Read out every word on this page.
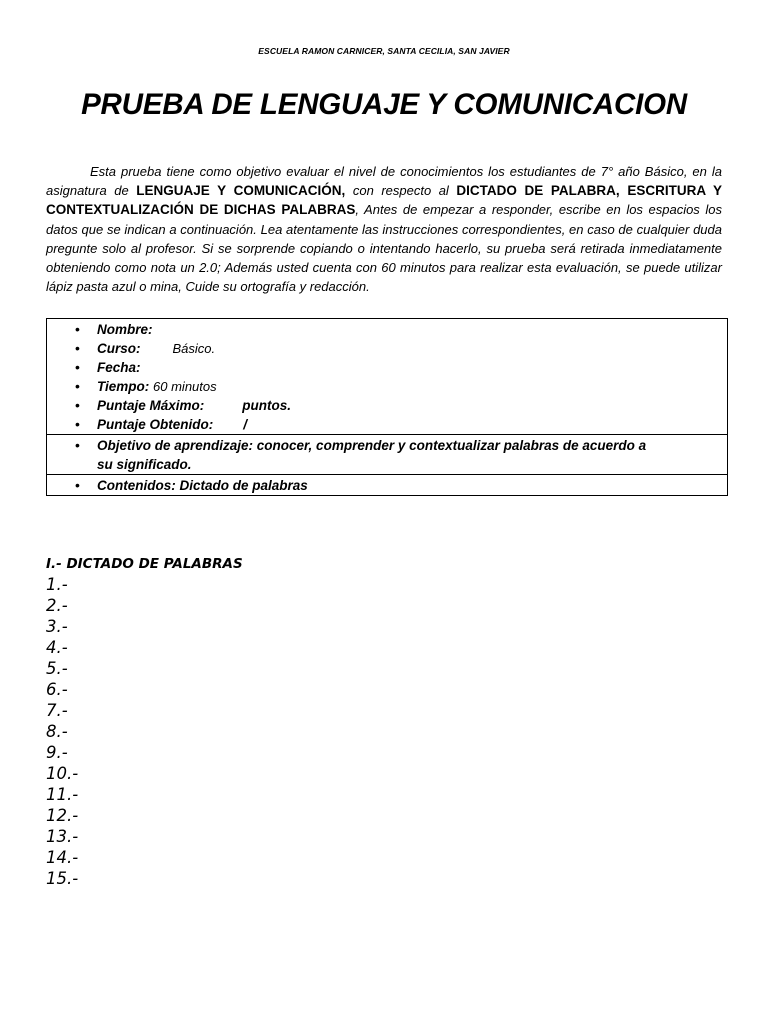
ESCUELA RAMON CARNICER, SANTA CECILIA, SAN JAVIER
PRUEBA DE LENGUAJE Y COMUNICACION

Esta prueba tiene como objetivo evaluar el nivel de conocimientos los estudiantes de 7° año Básico, en la asignatura de LENGUAJE Y COMUNICACIÓN, con respecto al DICTADO DE PALABRA, ESCRITURA Y CONTEXTUALIZACIÓN DE DICHAS PALABRAS, Antes de empezar a responder, escribe en los espacios los datos que se indican a continuación. Lea atentamente las instrucciones correspondientes, en caso de cualquier duda pregunte solo al profesor. Si se sorprende copiando o intentando hacerlo, su prueba será retirada inmediatamente obteniendo como nota un 2.0; Además usted cuenta con 60 minutos para realizar esta evaluación, se puede utilizar lápiz pasta azul o mina, Cuide su ortografía y redacción.

• Nombre:
• Curso: Básico.
• Fecha:
• Tiempo: 60 minutos
• Puntaje Máximo:	puntos.
• Puntaje Obtenido: /
• Objetivo de aprendizaje: conocer, comprender y contextualizar palabras de acuerdo a su significado.
• Contenidos: Dictado de palabras
I.- DICTADO DE PALABRAS
1.-
2.-
3.-
4.-
5.-
6.-
7.-
8.-
9.-
10.-
11.-
12.-
13.-
14.-
15.-
